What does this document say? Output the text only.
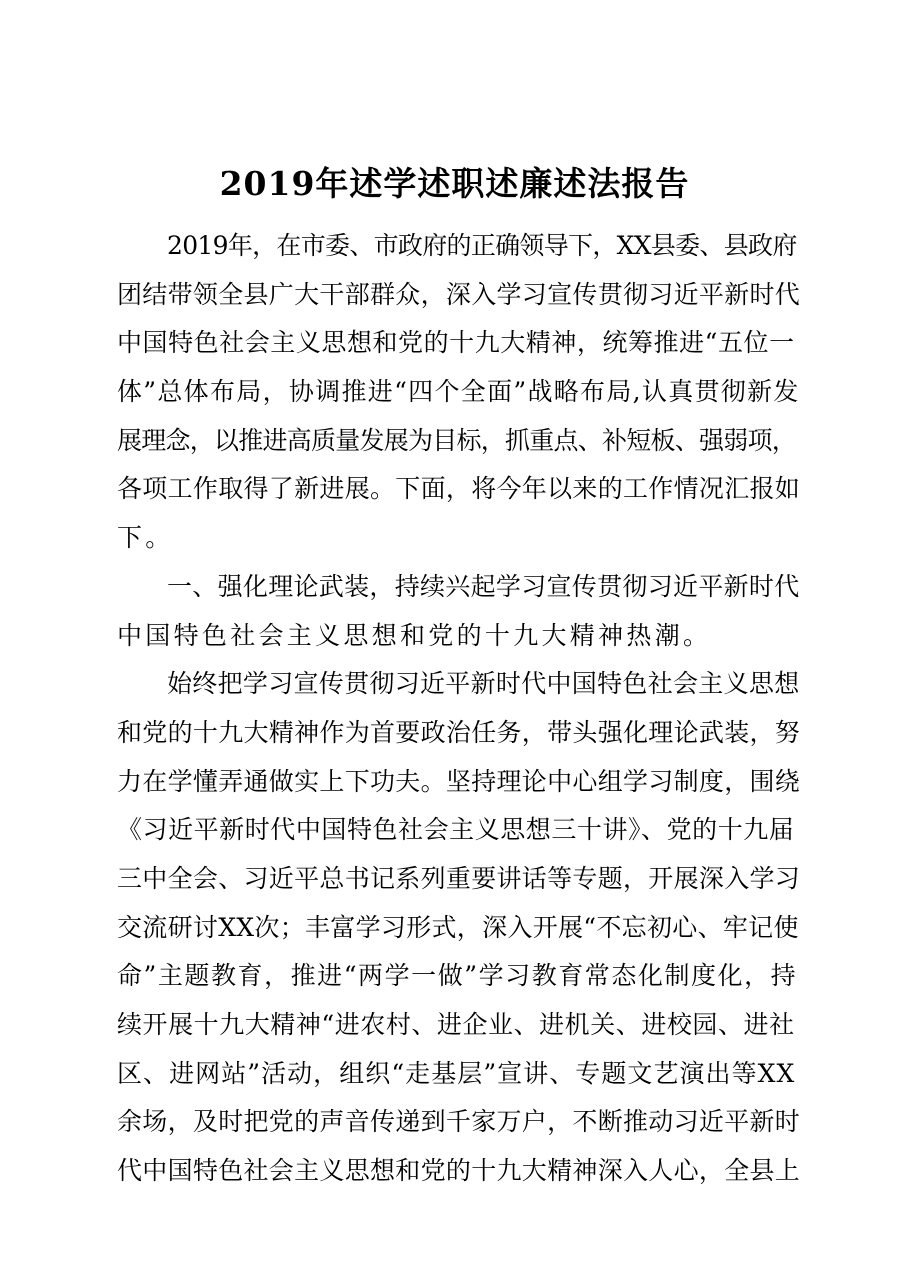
2019年述学述职述廉述法报告
2019年，在市委、市政府的正确领导下，XX县委、县政府
团结带领全县广大干部群众，深入学习宣传贯彻习近平新时代
中国特色社会主义思想和党的十九大精神，统筹推进“五位一
体”总体布局，协调推进“四个全面”战略布局,认真贯彻新发
展理念，以推进高质量发展为目标，抓重点、补短板、强弱项，
各项工作取得了新进展。下面，将今年以来的工作情况汇报如
下。
一、强化理论武装，持续兴起学习宣传贯彻习近平新时代
中国特色社会主义思想和党的十九大精神热潮。
始终把学习宣传贯彻习近平新时代中国特色社会主义思想
和党的十九大精神作为首要政治任务，带头强化理论武装，努
力在学懂弄通做实上下功夫。坚持理论中心组学习制度，围绕
《习近平新时代中国特色社会主义思想三十讲》、党的十九届
三中全会、习近平总书记系列重要讲话等专题，开展深入学习
交流研讨XX次；丰富学习形式，深入开展“不忘初心、牢记使
命”主题教育，推进“两学一做”学习教育常态化制度化，持
续开展十九大精神“进农村、进企业、进机关、进校园、进社
区、进网站”活动，组织“走基层”宣讲、专题文艺演出等XX
余场，及时把党的声音传递到千家万户，不断推动习近平新时
代中国特色社会主义思想和党的十九大精神深入人心，全县上
